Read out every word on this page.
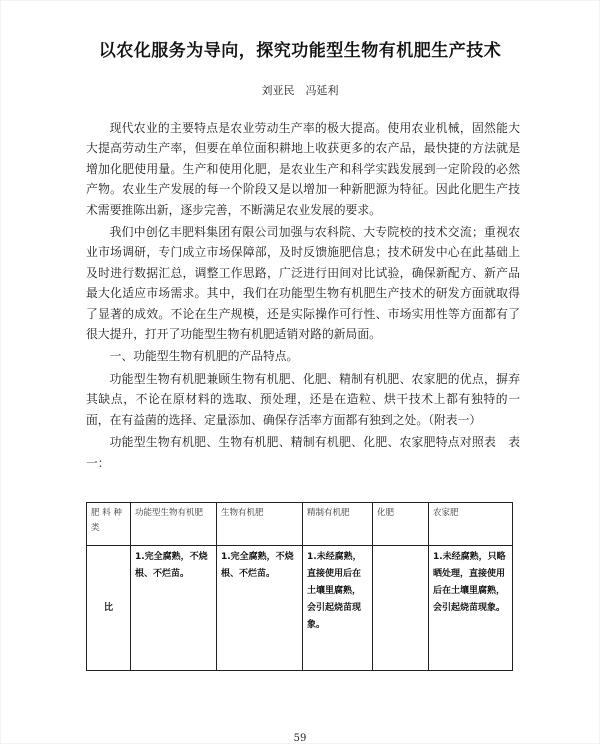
以农化服务为导向，探究功能型生物有机肥生产技术
刘亚民　冯延利

现代农业的主要特点是农业劳动生产率的极大提高。使用农业机械，固然能大大提高劳动生产率，但要在单位面积耕地上收获更多的农产品，最快捷的方法就是增加化肥使用量。生产和使用化肥，是农业生产和科学实践发展到一定阶段的必然产物。农业生产发展的每一个阶段又是以增加一种新肥源为特征。因此化肥生产技术需要推陈出新，逐步完善，不断满足农业发展的要求。

我们中创亿丰肥料集团有限公司加强与农科院、大专院校的技术交流；重视农业市场调研，专门成立市场保障部，及时反馈施肥信息；技术研发中心在此基础上及时进行数据汇总，调整工作思路，广泛进行田间对比试验，确保新配方、新产品最大化适应市场需求。其中，我们在功能型生物有机肥生产技术的研发方面就取得了显著的成效。不论在生产规模，还是实际操作可行性、市场实用性等方面都有了很大提升，打开了功能型生物有机肥适销对路的新局面。

一、功能型生物有机肥的产品特点。

功能型生物有机肥兼顾生物有机肥、化肥、精制有机肥、农家肥的优点，摒弃其缺点，不论在原材料的选取、预处理，还是在造粒、烘干技术上都有独特的一面，在有益菌的选择、定量添加、确保存活率方面都有独到之处。（附表一）

功能型生物有机肥、生物有机肥、精制有机肥、化肥、农家肥特点对照表　表一：

肥 料 种 类	功能型生物有机肥	生物有机肥	精制有机肥	化肥	农家肥
比	1.完全腐熟，不烧根、不烂苗。	1.完全腐熟，不烧根、不烂苗。	1.未经腐熟，直接使用后在土壤里腐熟，会引起烧苗现象。		1.未经腐熟，只略晒处理，直接使用后在土壤里腐熟，会引起烧苗现象。
59
